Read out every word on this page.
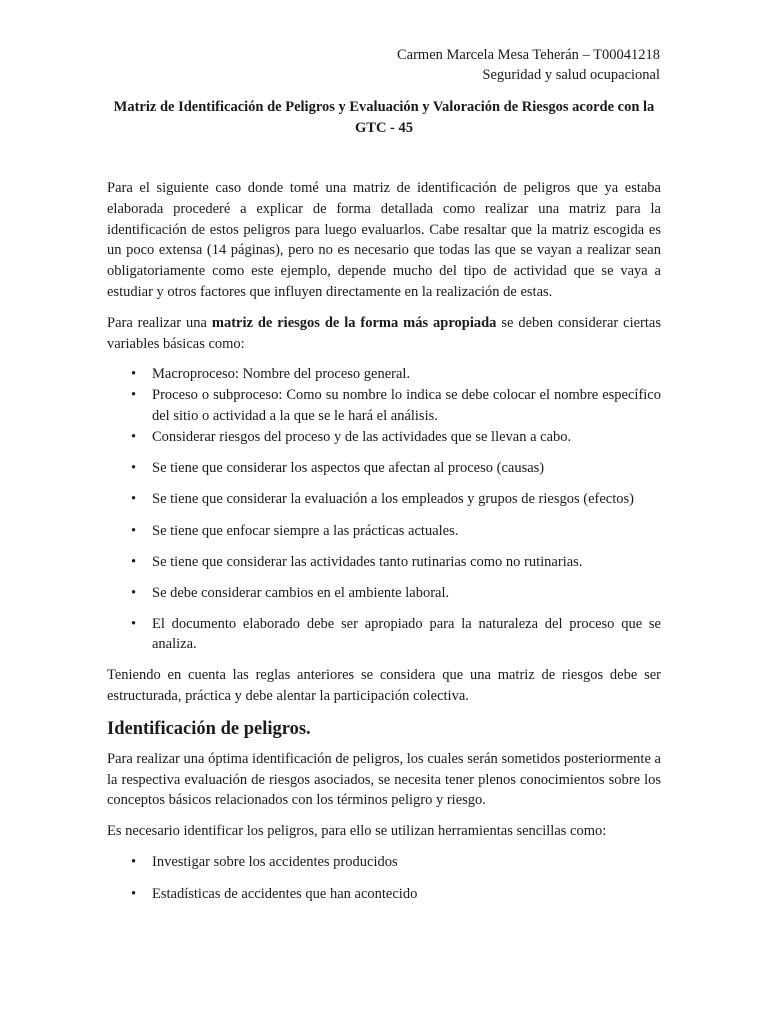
Carmen Marcela Mesa Teherán – T00041218
Seguridad y salud ocupacional
Matriz de Identificación de Peligros y Evaluación y Valoración de Riesgos acorde con la GTC - 45

Para el siguiente caso donde tomé una matriz de identificación de peligros que ya estaba elaborada procederé a explicar de forma detallada como realizar una matriz para la identificación de estos peligros para luego evaluarlos. Cabe resaltar que la matriz escogida es un poco extensa (14 páginas), pero no es necesario que todas las que se vayan a realizar sean obligatoriamente como este ejemplo, depende mucho del tipo de actividad que se vaya a estudiar y otros factores que influyen directamente en la realización de estas.

Para realizar una matriz de riesgos de la forma más apropiada se deben considerar ciertas variables básicas como:

• Macroproceso: Nombre del proceso general.
• Proceso o subproceso: Como su nombre lo indica se debe colocar el nombre específico del sitio o actividad a la que se le hará el análisis.
• Considerar riesgos del proceso y de las actividades que se llevan a cabo.
• Se tiene que considerar los aspectos que afectan al proceso (causas)
• Se tiene que considerar la evaluación a los empleados y grupos de riesgos (efectos)
• Se tiene que enfocar siempre a las prácticas actuales.
• Se tiene que considerar las actividades tanto rutinarias como no rutinarias.
• Se debe considerar cambios en el ambiente laboral.
• El documento elaborado debe ser apropiado para la naturaleza del proceso que se analiza.

Teniendo en cuenta las reglas anteriores se considera que una matriz de riesgos debe ser estructurada, práctica y debe alentar la participación colectiva.

Identificación de peligros.

Para realizar una óptima identificación de peligros, los cuales serán sometidos posteriormente a la respectiva evaluación de riesgos asociados, se necesita tener plenos conocimientos sobre los conceptos básicos relacionados con los términos peligro y riesgo.

Es necesario identificar los peligros, para ello se utilizan herramientas sencillas como:

• Investigar sobre los accidentes producidos
• Estadísticas de accidentes que han acontecido
